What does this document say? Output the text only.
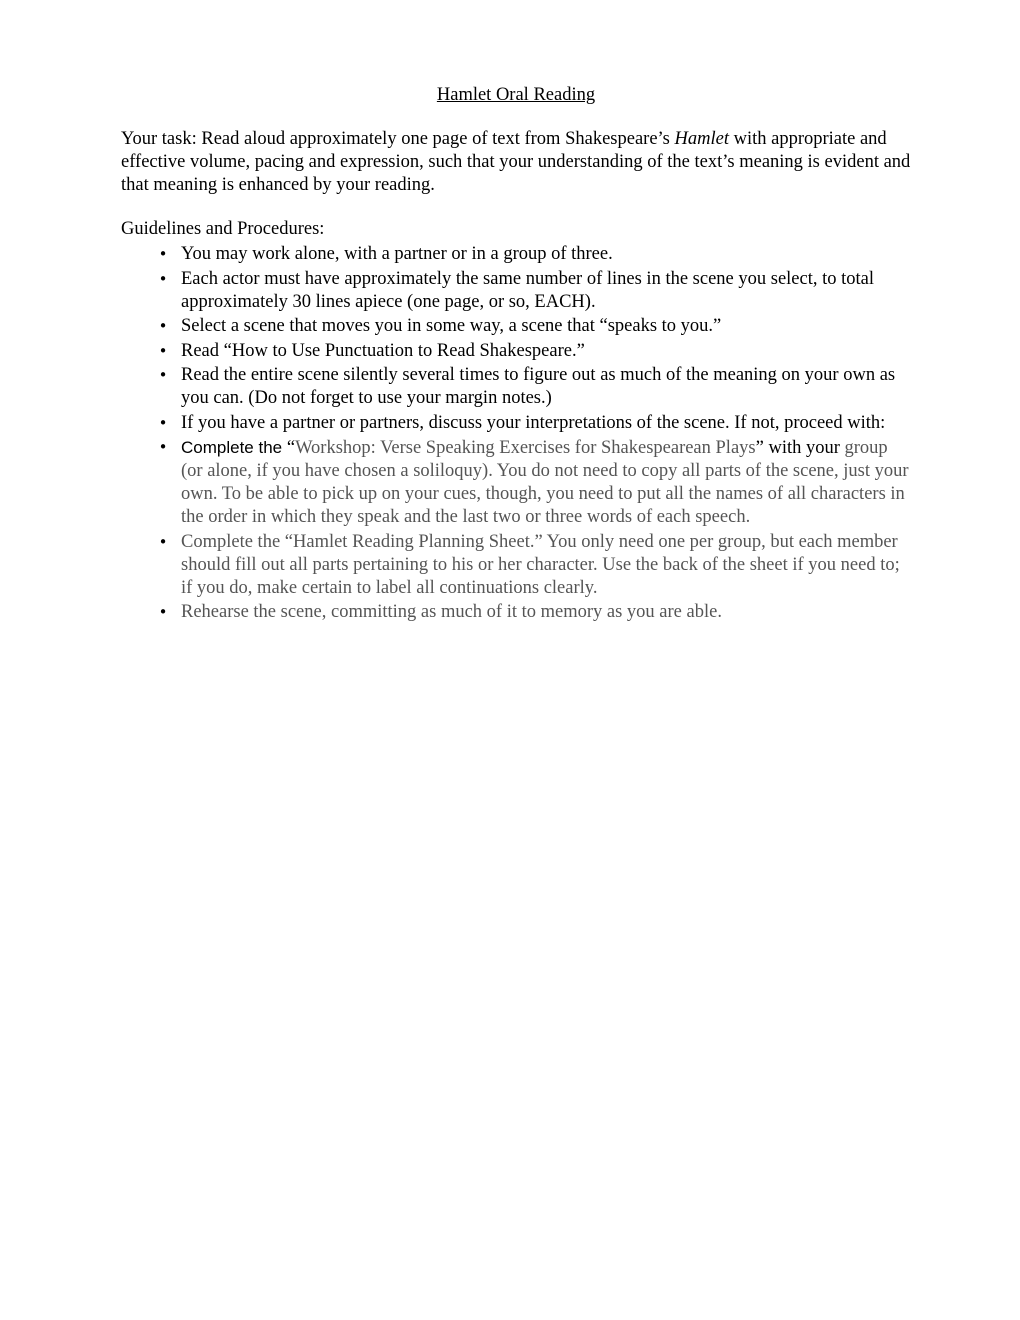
Hamlet Oral Reading

Your task: Read aloud approximately one page of text from Shakespeare’s Hamlet with appropriate and effective volume, pacing and expression, such that your understanding of the text’s meaning is evident and that meaning is enhanced by your reading.

Guidelines and Procedures:

• You may work alone, with a partner or in a group of three.
• Each actor must have approximately the same number of lines in the scene you select, to total approximately 30 lines apiece (one page, or so, EACH).
• Select a scene that moves you in some way, a scene that “speaks to you.”
• Read “How to Use Punctuation to Read Shakespeare.”
• Read the entire scene silently several times to figure out as much of the meaning on your own as you can. (Do not forget to use your margin notes.)
• If you have a partner or partners, discuss your interpretations of the scene. If not, proceed with:
• Complete the “Workshop: Verse Speaking Exercises for Shakespearean Plays” with your group (or alone, if you have chosen a soliloquy). You do not need to copy all parts of the scene, just your own. To be able to pick up on your cues, though, you need to put all the names of all characters in the order in which they speak and the last two or three words of each speech.
• Complete the “Hamlet Reading Planning Sheet.” You only need one per group, but each member should fill out all parts pertaining to his or her character. Use the back of the sheet if you need to; if you do, make certain to label all continuations clearly.
• Rehearse the scene, committing as much of it to memory as you are able.
